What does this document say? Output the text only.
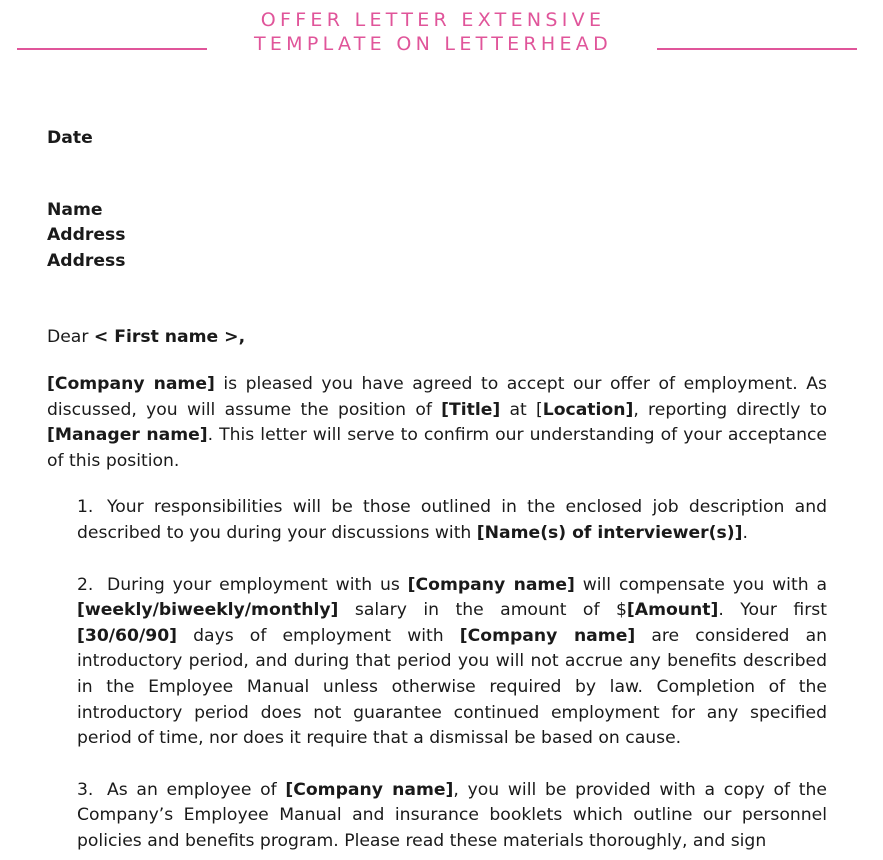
OFFER LETTER EXTENSIVE
TEMPLATE ON LETTERHEAD

Date

Name
Address
Address

Dear < First name >,

[Company name] is pleased you have agreed to accept our offer of employment. As discussed, you will assume the position of [Title] at [Location], reporting directly to [Manager name]. This letter will serve to confirm our understanding of your acceptance of this position.

1. Your responsibilities will be those outlined in the enclosed job description and described to you during your discussions with [Name(s) of interviewer(s)].
2. During your employment with us [Company name] will compensate you with a [weekly/biweekly/monthly] salary in the amount of $[Amount]. Your first [30/60/90] days of employment with [Company name] are considered an introductory period, and during that period you will not accrue any benefits described in the Employee Manual unless otherwise required by law. Completion of the introductory period does not guarantee continued employment for any specified period of time, nor does it require that a dismissal be based on cause.
3. As an employee of [Company name], you will be provided with a copy of the Company’s Employee Manual and insurance booklets which outline our personnel policies and benefits program. Please read these materials thoroughly, and sign
